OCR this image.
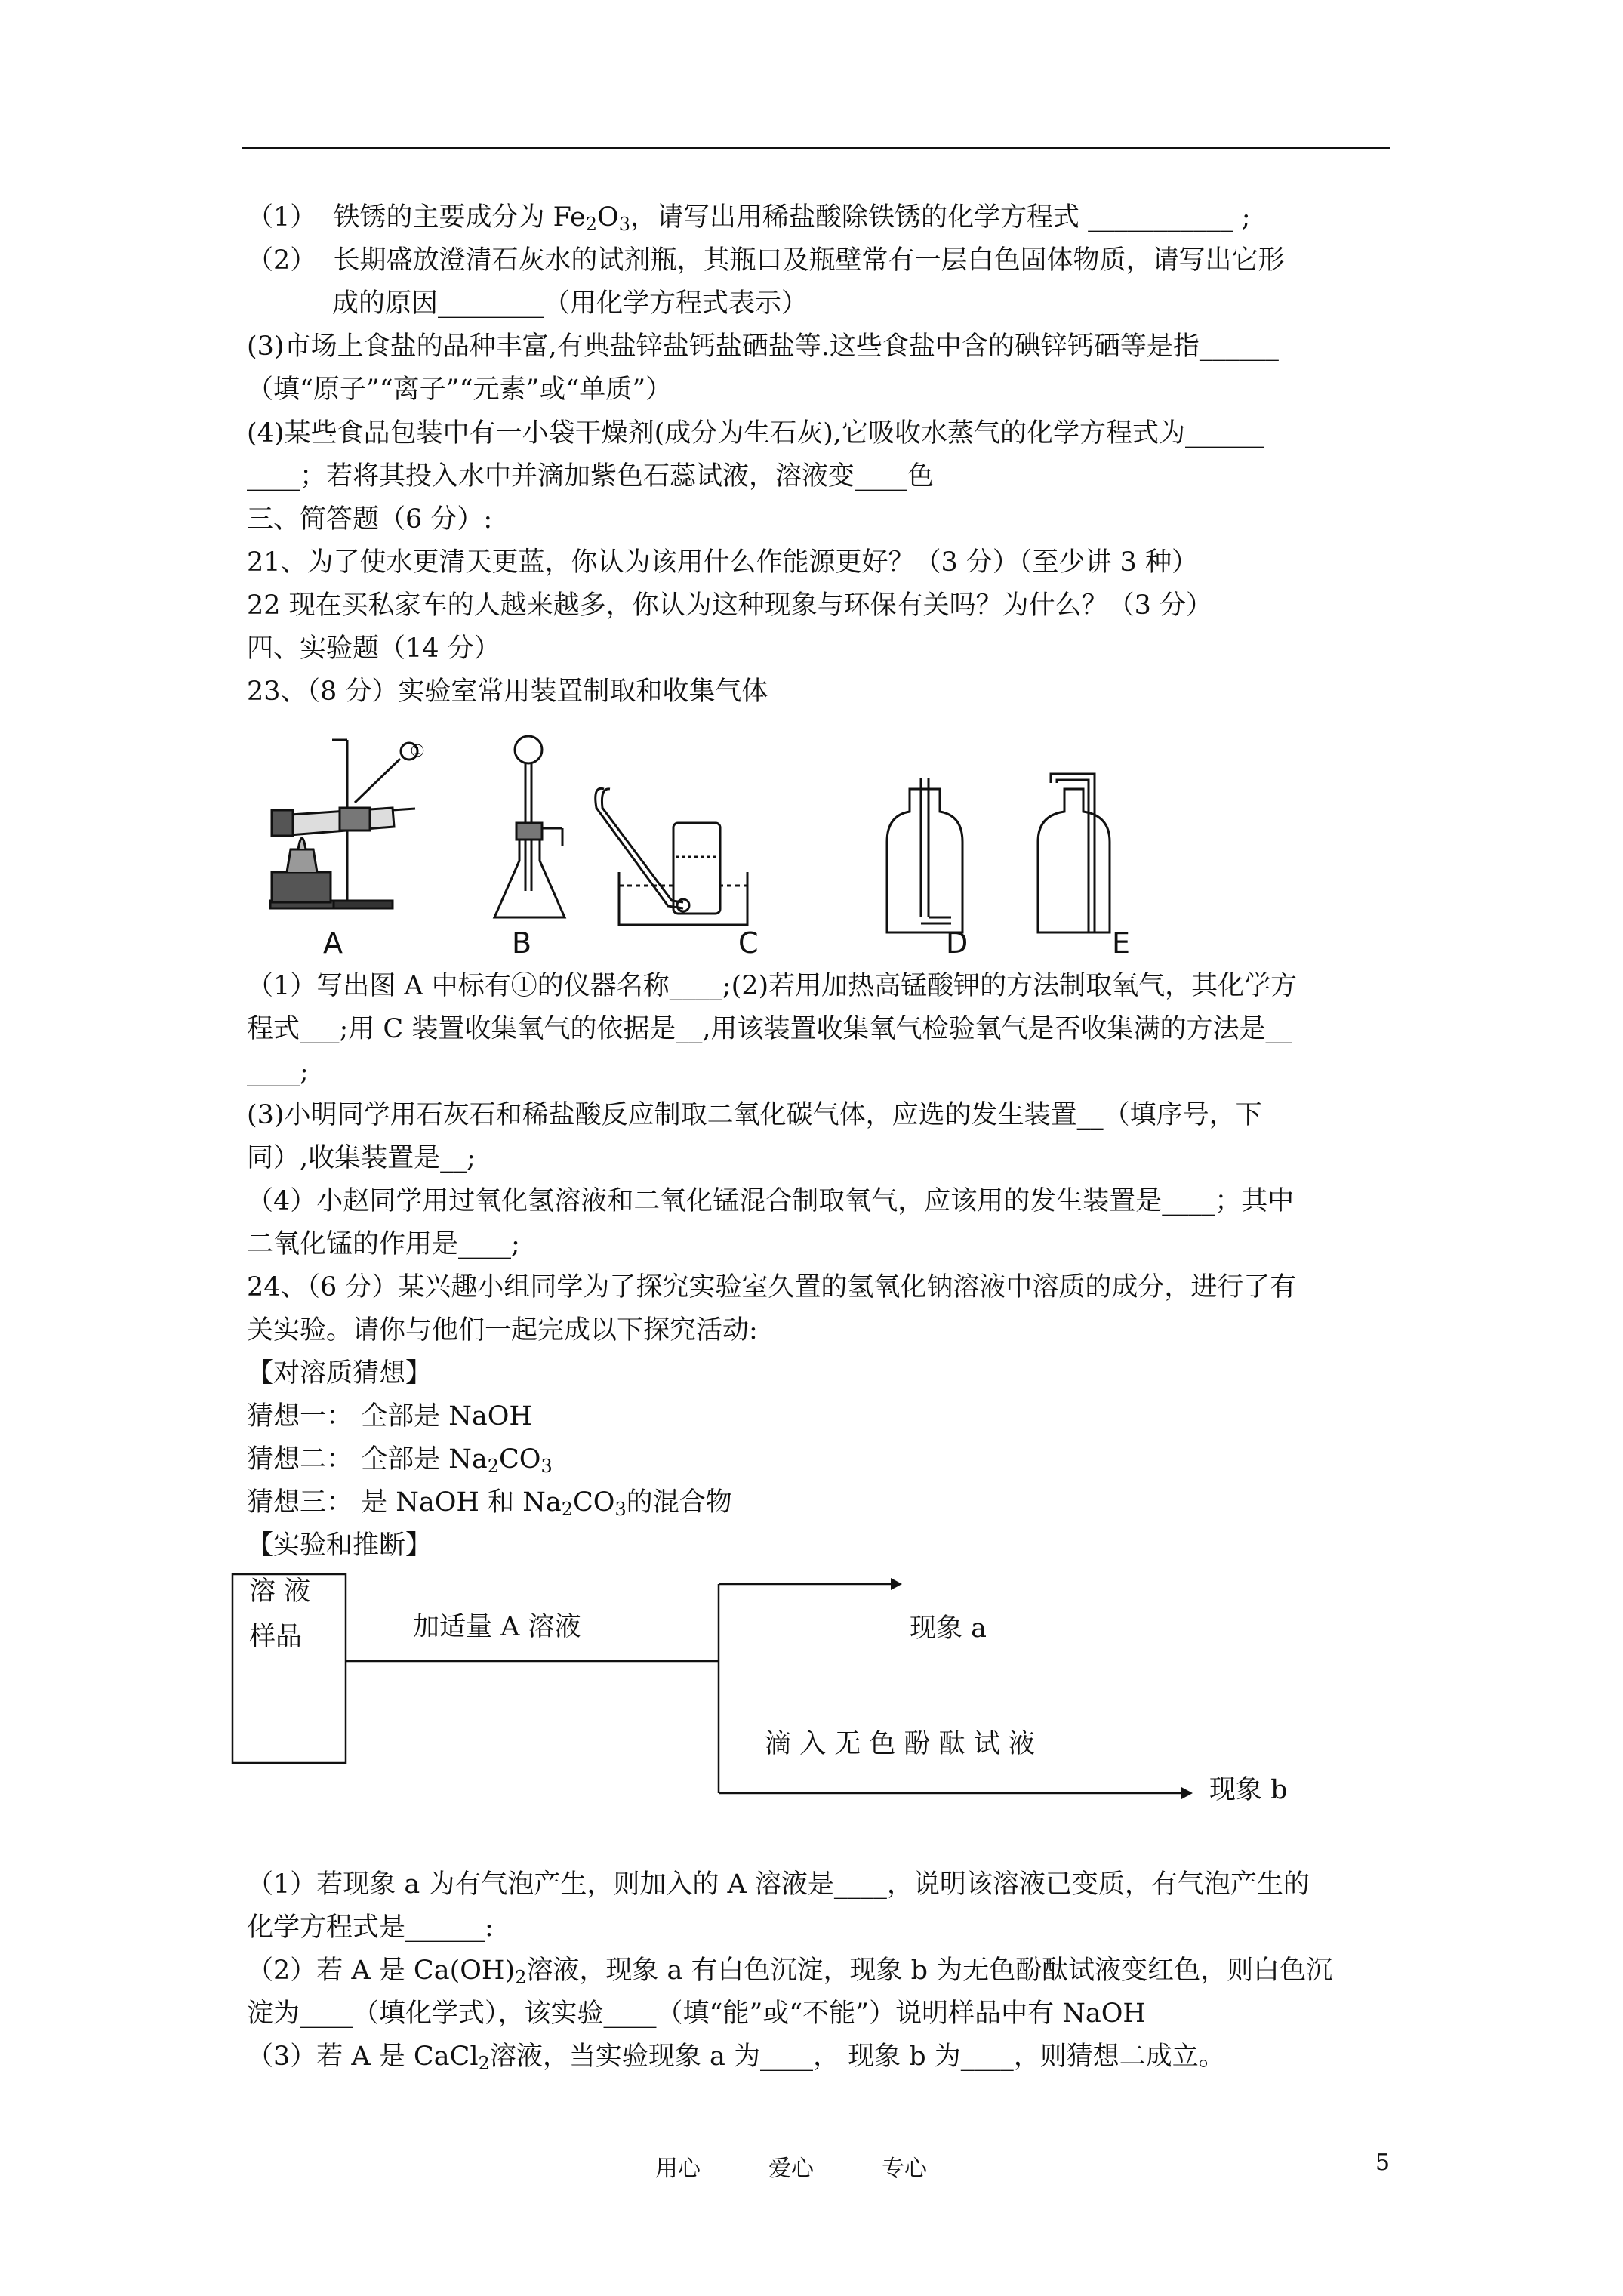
（1） 铁锈的主要成分为 $Fe_2O_3$，请写出用稀盐酸除铁锈的化学方程式 ___________ ;
（2） 长期盛放澄清石灰水的试剂瓶，其瓶口及瓶壁常有一层白色固体物质，请写出它形
成的原因________（用化学方程式表示）
(3)市场上食盐的品种丰富,有典盐锌盐钙盐硒盐等.这些食盐中含的碘锌钙硒等是指______
（填“原子”“离子”“元素”或“单质”）
(4)某些食品包装中有一小袋干燥剂(成分为生石灰),它吸收水蒸气的化学方程式为______
____；若将其投入水中并滴加紫色石蕊试液，溶液变____色
三、简答题（6 分）:
21、为了使水更清天更蓝，你认为该用什么作能源更好？（3 分）（至少讲 3 种）
22 现在买私家车的人越来越多，你认为这种现象与环保有关吗？为什么？（3 分）
四、实验题（14 分）
23、（8 分）实验室常用装置制取和收集气体
①
A	B	C	D	E
（1）写出图 A 中标有①的仪器名称____;(2)若用加热高锰酸钾的方法制取氧气，其化学方
程式___;用 C 装置收集氧气的依据是__,用该装置收集氧气检验氧气是否收集满的方法是__
____;
(3)小明同学用石灰石和稀盐酸反应制取二氧化碳气体，应选的发生装置__（填序号，下
同）,收集装置是__;
（4）小赵同学用过氧化氢溶液和二氧化锰混合制取氧气，应该用的发生装置是____；其中
二氧化锰的作用是____;
24、（6 分）某兴趣小组同学为了探究实验室久置的氢氧化钠溶液中溶质的成分，进行了有
关实验。请你与他们一起完成以下探究活动:
【对溶质猜想】
猜想一： 全部是 NaOH
猜想二： 全部是 $Na_2CO_3$
猜想三： 是 NaOH 和 $Na_2CO_3$的混合物
【实验和推断】
溶 液
样品	加适量 A 溶液	现象 a
滴 入 无 色 酚 酞 试 液
现象 b
（1）若现象 a 为有气泡产生，则加入的 A 溶液是____，说明该溶液已变质，有气泡产生的
化学方程式是______:
（2）若 A 是 $Ca(OH)_2$溶液，现象 a 有白色沉淀，现象 b 为无色酚酞试液变红色，则白色沉
淀为____（填化学式），该实验____（填“能”或“不能”）说明样品中有 NaOH
（3）若 A 是 CaCl$_2$溶液，当实验现象 a 为____， 现象 b 为____，则猜想二成立。
用心	爱心	专心	5
